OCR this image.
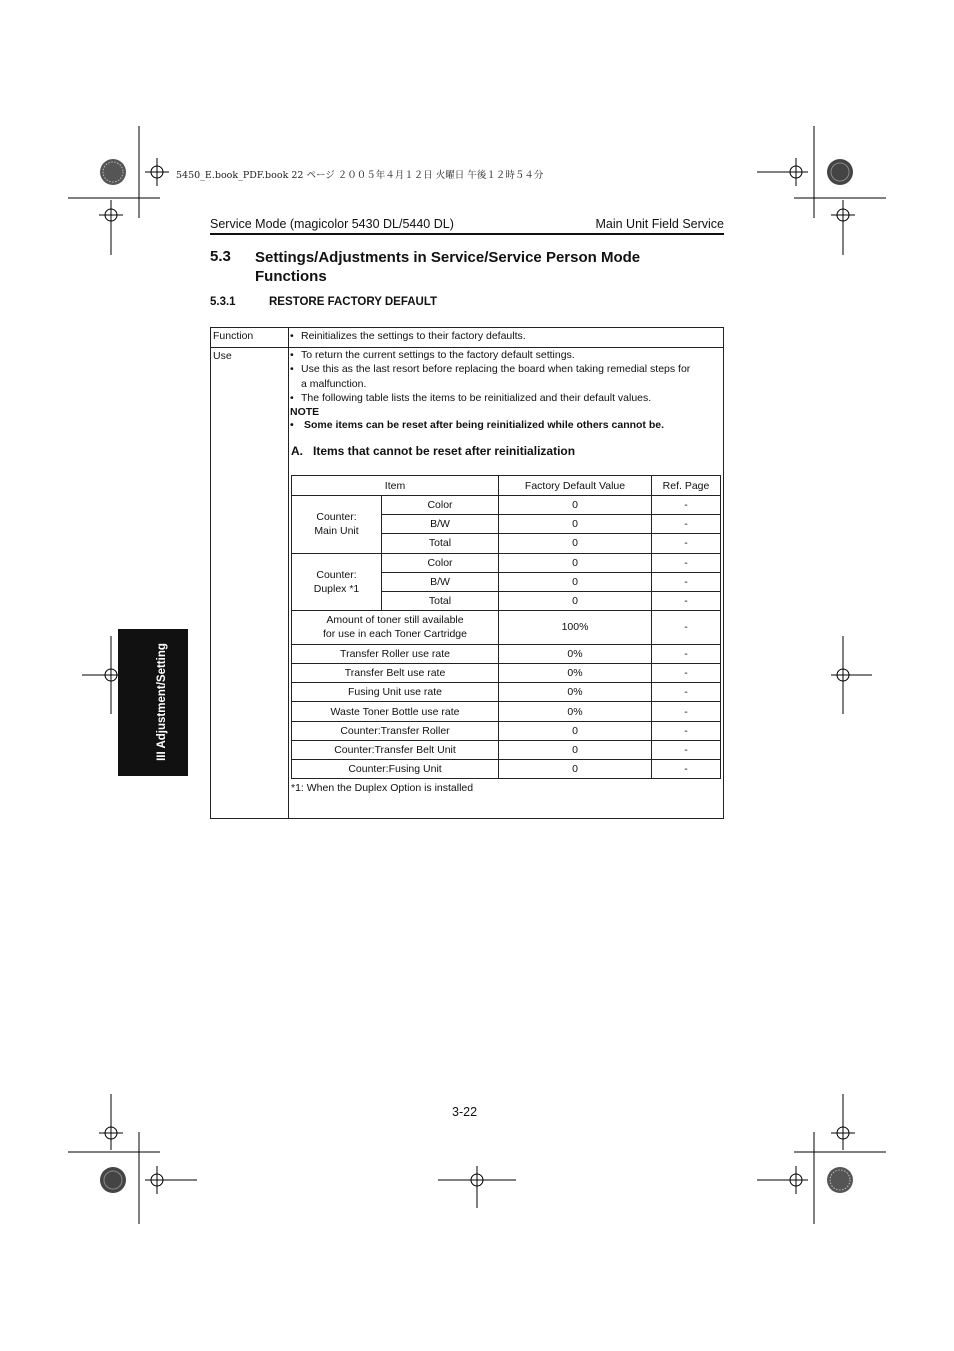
5450_E.book_PDF.book 22 ページ ２００５年４月１２日 火曜日 午後１２時５４分
Service Mode (magicolor 5430 DL/5440 DL)	Main Unit Field Service
5.3 Settings/Adjustments in Service/Service Person Mode Functions
5.3.1	RESTORE FACTORY DEFAULT
Function	• Reinitializes the settings to their factory defaults.
Use	• To return the current settings to the factory default settings.
• Use this as the last resort before replacing the board when taking remedial steps for
a malfunction.
• The following table lists the items to be reinitialized and their default values.
NOTE
• Some items can be reset after being reinitialized while others cannot be.
A. Items that cannot be reset after reinitialization
Item		Factory Default Value	Ref. Page
Counter:
Main Unit	Color	0	-
	B/W	0	-
	Total	0	-
Counter:
Duplex *1	Color	0	-
	B/W	0	-
	Total	0	-
Amount of toner still available
for use in each Toner Cartridge		100%	-
Transfer Roller use rate		0%	-
Transfer Belt use rate		0%	-
Fusing Unit use rate		0%	-
Waste Toner Bottle use rate		0%	-
Counter:Transfer Roller		0	-
Counter:Transfer Belt Unit		0	-
Counter:Fusing Unit		0	-
*1: When the Duplex Option is installed
III Adjustment/Setting
3-22
